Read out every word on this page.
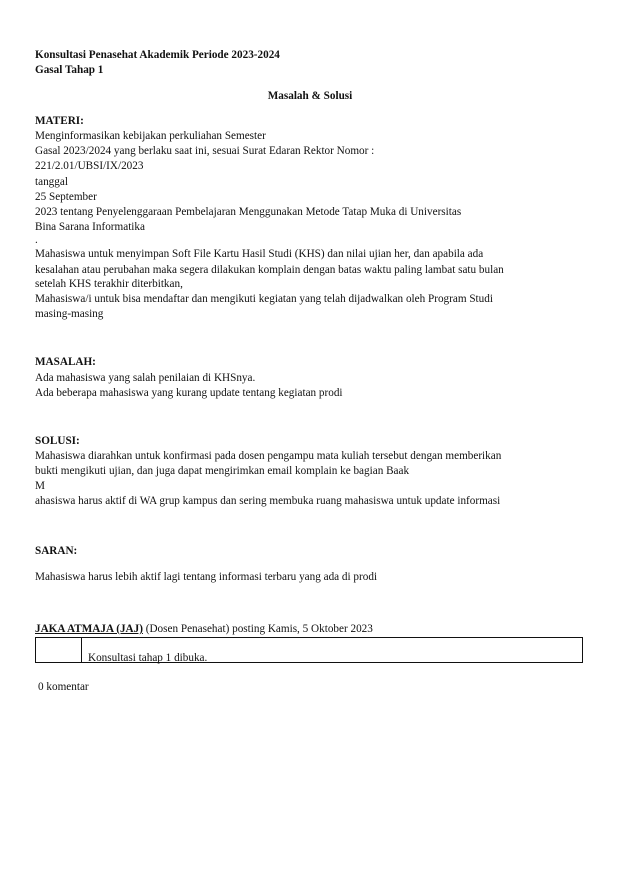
Konsultasi Penasehat Akademik Periode 2023-2024
Gasal Tahap 1
Masalah & Solusi
MATERI:
Menginformasikan kebijakan perkuliahan Semester
Gasal 2023/2024 yang berlaku saat ini, sesuai Surat Edaran Rektor Nomor :
221/2.01/UBSI/IX/2023
tanggal
25 September
2023 tentang Penyelenggaraan Pembelajaran Menggunakan Metode Tatap Muka di Universitas
Bina Sarana Informatika
.
Mahasiswa untuk menyimpan Soft File Kartu Hasil Studi (KHS) dan nilai ujian her, dan apabila ada
kesalahan atau perubahan maka segera dilakukan komplain dengan batas waktu paling lambat satu bulan
setelah KHS terakhir diterbitkan,
Mahasiswa/i untuk bisa mendaftar dan mengikuti kegiatan yang telah dijadwalkan oleh Program Studi
masing-masing
MASALAH:
Ada mahasiswa yang salah penilaian di KHSnya.
Ada beberapa mahasiswa yang kurang update tentang kegiatan prodi
SOLUSI:
Mahasiswa diarahkan untuk konfirmasi pada dosen pengampu mata kuliah tersebut dengan memberikan
bukti mengikuti ujian, dan juga dapat mengirimkan email komplain ke bagian Baak
M
ahasiswa harus aktif di WA grup kampus dan sering membuka ruang mahasiswa untuk update informasi
SARAN:
Mahasiswa harus lebih aktif lagi tentang informasi terbaru yang ada di prodi
JAKA ATMAJA (JAJ) (Dosen Penasehat) posting Kamis, 5 Oktober 2023
Konsultasi tahap 1 dibuka.
0 komentar
